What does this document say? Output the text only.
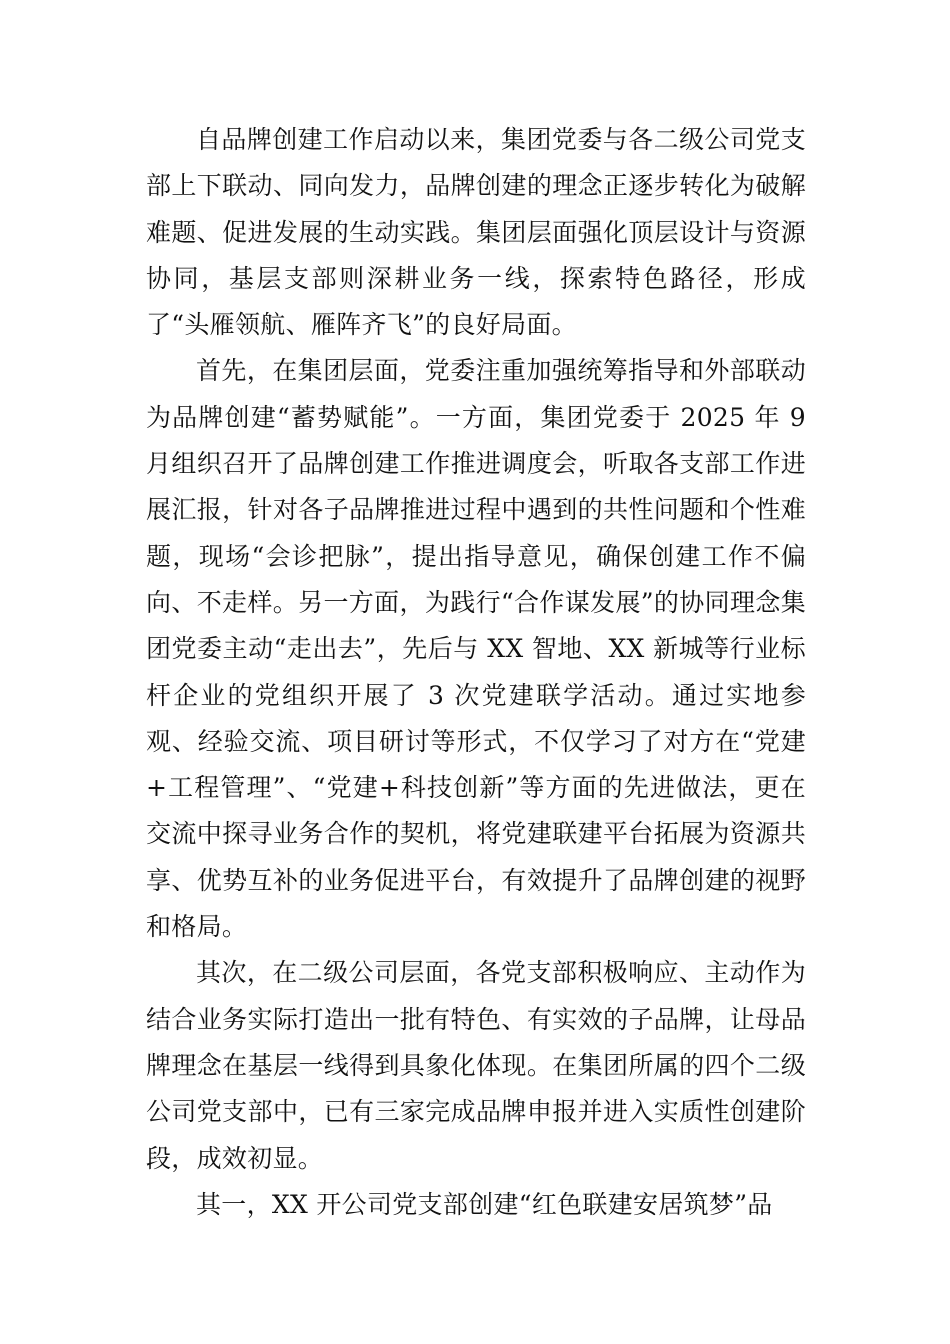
自品牌创建工作启动以来，集团党委与各二级公司党支部上下联动、同向发力，品牌创建的理念正逐步转化为破解难题、促进发展的生动实践。集团层面强化顶层设计与资源协同，基层支部则深耕业务一线，探索特色路径，形成了“头雁领航、雁阵齐飞”的良好局面。

首先，在集团层面，党委注重加强统筹指导和外部联动为品牌创建“蓄势赋能”。一方面，集团党委于 2025 年 9 月组织召开了品牌创建工作推进调度会，听取各支部工作进展汇报，针对各子品牌推进过程中遇到的共性问题和个性难题，现场“会诊把脉”，提出指导意见，确保创建工作不偏向、不走样。另一方面，为践行“合作谋发展”的协同理念集团党委主动“走出去”，先后与 XX 智地、XX 新城等行业标杆企业的党组织开展了 3 次党建联学活动。通过实地参观、经验交流、项目研讨等形式，不仅学习了对方在“党建+工程管理”、“党建+科技创新”等方面的先进做法，更在交流中探寻业务合作的契机，将党建联建平台拓展为资源共享、优势互补的业务促进平台，有效提升了品牌创建的视野和格局。

其次，在二级公司层面，各党支部积极响应、主动作为结合业务实际打造出一批有特色、有实效的子品牌，让母品牌理念在基层一线得到具象化体现。在集团所属的四个二级公司党支部中，已有三家完成品牌申报并进入实质性创建阶段，成效初显。

其一，XX 开公司党支部创建“红色联建安居筑梦”品
